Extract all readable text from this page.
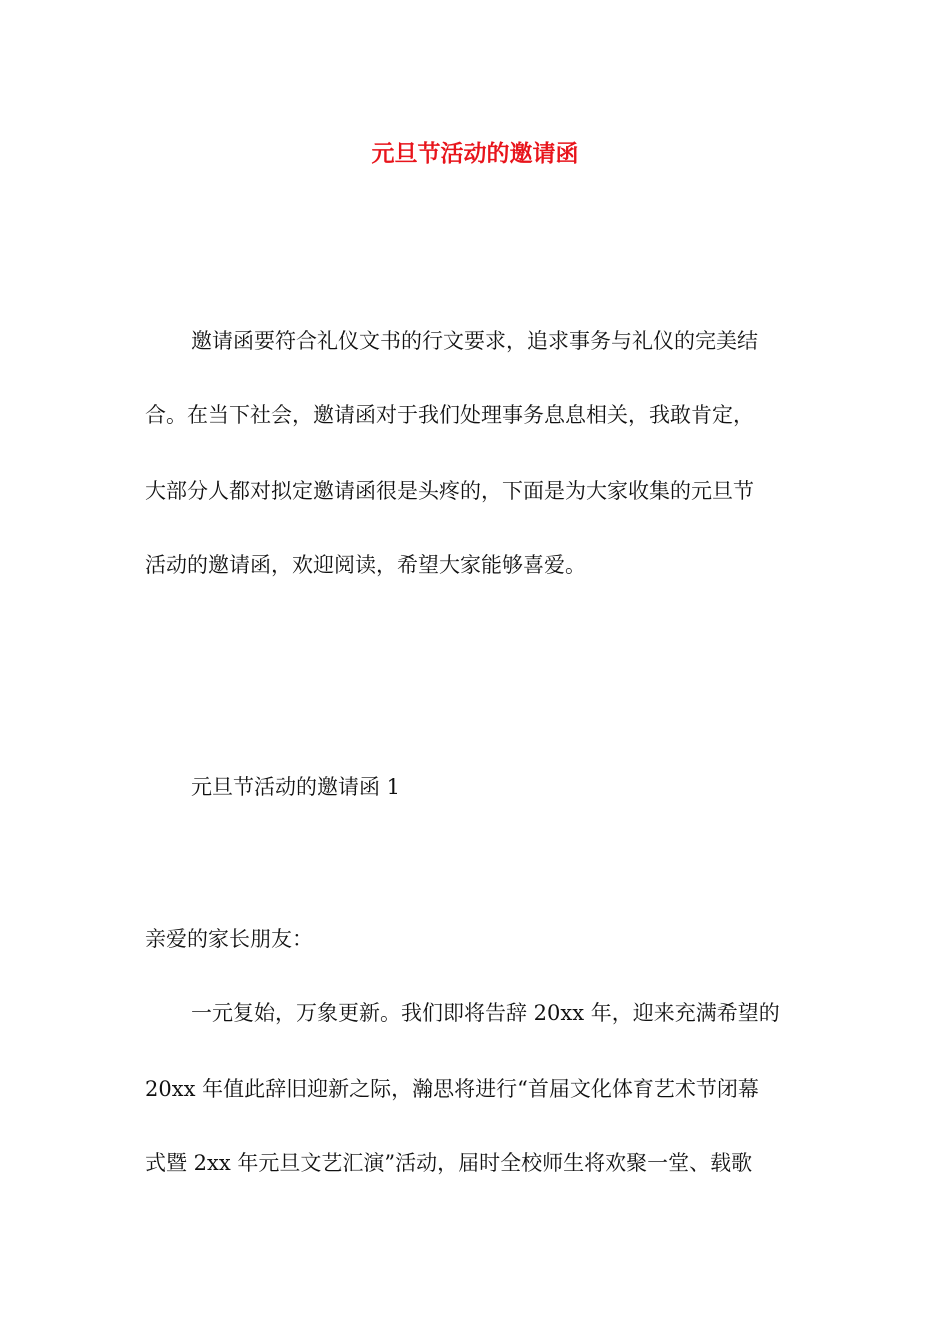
元旦节活动的邀请函
邀请函要符合礼仪文书的行文要求，追求事务与礼仪的完美结
合。在当下社会，邀请函对于我们处理事务息息相关，我敢肯定，
大部分人都对拟定邀请函很是头疼的，下面是为大家收集的元旦节
活动的邀请函，欢迎阅读，希望大家能够喜爱。
元旦节活动的邀请函 1
亲爱的家长朋友：
一元复始，万象更新。我们即将告辞 20xx 年，迎来充满希望的
20xx 年值此辞旧迎新之际，瀚思将进行“首届文化体育艺术节闭幕
式暨 2xx 年元旦文艺汇演”活动，届时全校师生将欢聚一堂、载歌
